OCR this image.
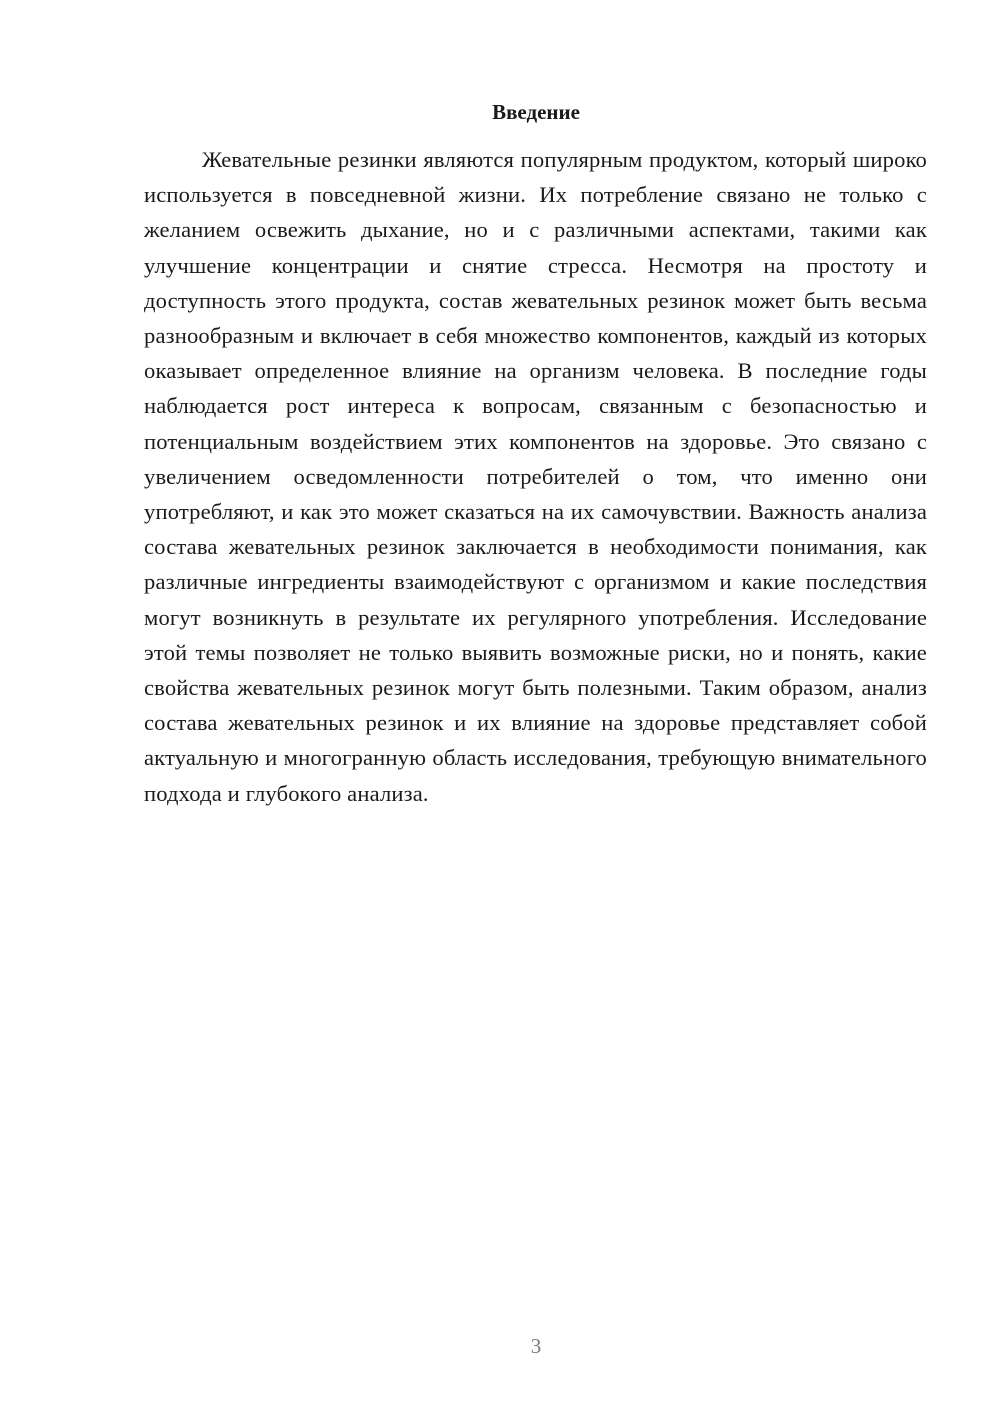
Введение

Жевательные резинки являются популярным продуктом, который широко используется в повседневной жизни. Их потребление связано не только с желанием освежить дыхание, но и с различными аспектами, такими как улучшение концентрации и снятие стресса. Несмотря на простоту и доступность этого продукта, состав жевательных резинок может быть весьма разнообразным и включает в себя множество компонентов, каждый из которых оказывает определенное влияние на организм человека. В последние годы наблюдается рост интереса к вопросам, связанным с безопасностью и потенциальным воздействием этих компонентов на здоровье. Это связано с увеличением осведомленности потребителей о том, что именно они употребляют, и как это может сказаться на их самочувствии. Важность анализа состава жевательных резинок заключается в необходимости понимания, как различные ингредиенты взаимодействуют с организмом и какие последствия могут возникнуть в результате их регулярного употребления. Исследование этой темы позволяет не только выявить возможные риски, но и понять, какие свойства жевательных резинок могут быть полезными. Таким образом, анализ состава жевательных резинок и их влияние на здоровье представляет собой актуальную и многогранную область исследования, требующую внимательного подхода и глубокого анализа.

3
